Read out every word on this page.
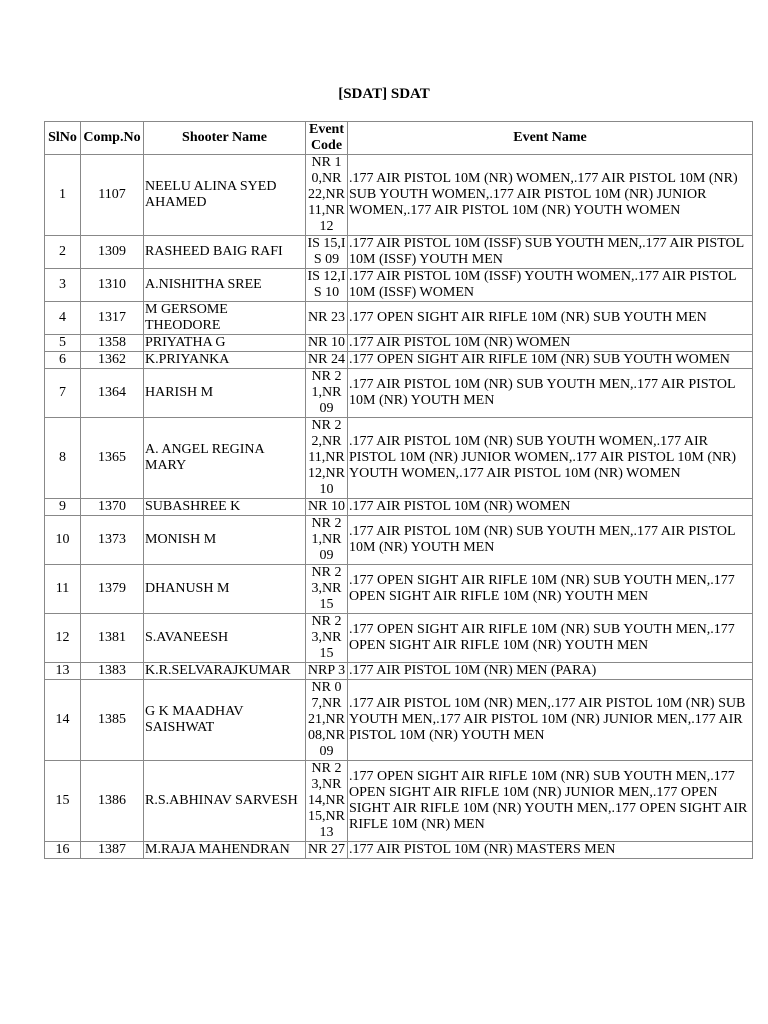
[SDAT] SDAT
SlNo	Comp.No	Shooter Name	Event Code	Event Name
1	1107	NEELU ALINA SYED AHAMED	NR 10,NR 22,NR 11,NR 12	.177 AIR PISTOL 10M (NR) WOMEN,.177 AIR PISTOL 10M (NR) SUB YOUTH WOMEN,.177 AIR PISTOL 10M (NR) JUNIOR WOMEN,.177 AIR PISTOL 10M (NR) YOUTH WOMEN
2	1309	RASHEED BAIG RAFI	IS 15,IS 09	.177 AIR PISTOL 10M (ISSF) SUB YOUTH MEN,.177 AIR PISTOL 10M (ISSF) YOUTH MEN
3	1310	A.NISHITHA SREE	IS 12,IS 10	.177 AIR PISTOL 10M (ISSF) YOUTH WOMEN,.177 AIR PISTOL 10M (ISSF) WOMEN
4	1317	M GERSOME THEODORE	NR 23	.177 OPEN SIGHT AIR RIFLE 10M (NR) SUB YOUTH MEN
5	1358	PRIYATHA G	NR 10	.177 AIR PISTOL 10M (NR) WOMEN
6	1362	K.PRIYANKA	NR 24	.177 OPEN SIGHT AIR RIFLE 10M (NR) SUB YOUTH WOMEN
7	1364	HARISH M	NR 21,NR 09	.177 AIR PISTOL 10M (NR) SUB YOUTH MEN,.177 AIR PISTOL 10M (NR) YOUTH MEN
8	1365	A. ANGEL REGINA MARY	NR 22,NR 11,NR 12,NR 10	.177 AIR PISTOL 10M (NR) SUB YOUTH WOMEN,.177 AIR PISTOL 10M (NR) JUNIOR WOMEN,.177 AIR PISTOL 10M (NR) YOUTH WOMEN,.177 AIR PISTOL 10M (NR) WOMEN
9	1370	SUBASHREE K	NR 10	.177 AIR PISTOL 10M (NR) WOMEN
10	1373	MONISH M	NR 21,NR 09	.177 AIR PISTOL 10M (NR) SUB YOUTH MEN,.177 AIR PISTOL 10M (NR) YOUTH MEN
11	1379	DHANUSH M	NR 23,NR 15	.177 OPEN SIGHT AIR RIFLE 10M (NR) SUB YOUTH MEN,.177 OPEN SIGHT AIR RIFLE 10M (NR) YOUTH MEN
12	1381	S.AVANEESH	NR 23,NR 15	.177 OPEN SIGHT AIR RIFLE 10M (NR) SUB YOUTH MEN,.177 OPEN SIGHT AIR RIFLE 10M (NR) YOUTH MEN
13	1383	K.R.SELVARAJKUMAR	NRP 3	.177 AIR PISTOL 10M (NR) MEN (PARA)
14	1385	G K MAADHAV SAISHWAT	NR 07,NR 21,NR 08,NR 09	.177 AIR PISTOL 10M (NR) MEN,.177 AIR PISTOL 10M (NR) SUB YOUTH MEN,.177 AIR PISTOL 10M (NR) JUNIOR MEN,.177 AIR PISTOL 10M (NR) YOUTH MEN
15	1386	R.S.ABHINAV SARVESH	NR 23,NR 14,NR 15,NR 13	.177 OPEN SIGHT AIR RIFLE 10M (NR) SUB YOUTH MEN,.177 OPEN SIGHT AIR RIFLE 10M (NR) JUNIOR MEN,.177 OPEN SIGHT AIR RIFLE 10M (NR) YOUTH MEN,.177 OPEN SIGHT AIR RIFLE 10M (NR) MEN
16	1387	M.RAJA MAHENDRAN	NR 27	.177 AIR PISTOL 10M (NR) MASTERS MEN
